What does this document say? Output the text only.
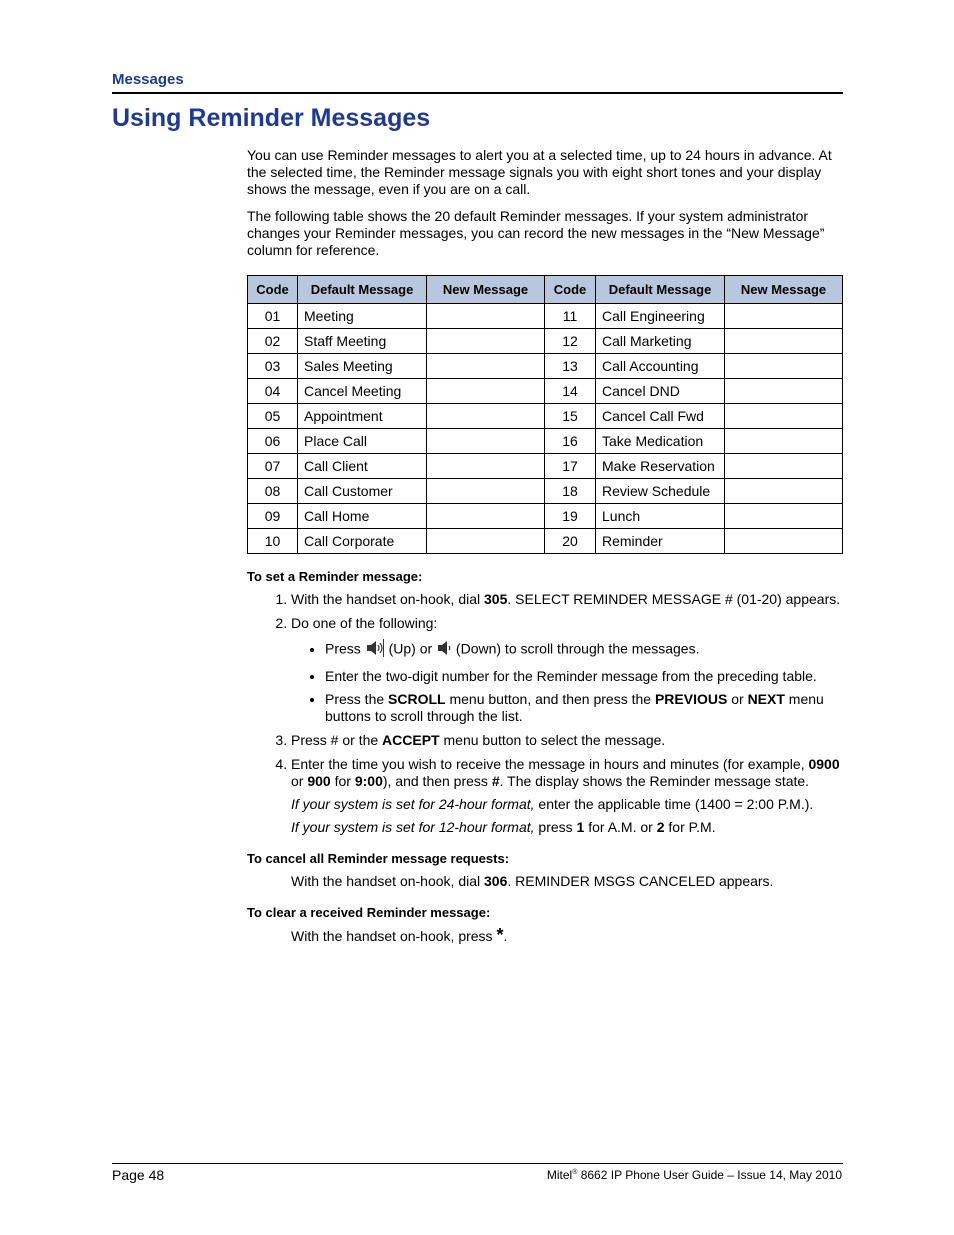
Messages
Using Reminder Messages

You can use Reminder messages to alert you at a selected time, up to 24 hours in advance. At the selected time, the Reminder message signals you with eight short tones and your display shows the message, even if you are on a call.

The following table shows the 20 default Reminder messages. If your system administrator changes your Reminder messages, you can record the new messages in the “New Message” column for reference.

Code	Default Message	New Message	Code	Default Message	New Message
01	Meeting		11	Call Engineering	
02	Staff Meeting		12	Call Marketing	
03	Sales Meeting		13	Call Accounting	
04	Cancel Meeting		14	Cancel DND	
05	Appointment		15	Cancel Call Fwd	
06	Place Call		16	Take Medication	
07	Call Client		17	Make Reservation	
08	Call Customer		18	Review Schedule	
09	Call Home		19	Lunch	
10	Call Corporate		20	Reminder	
To set a Reminder message:
1. With the handset on-hook, dial 305. SELECT REMINDER MESSAGE # (01-20) appears.
2. Do one of the following:
• Press  (Up) or  (Down) to scroll through the messages.
• Enter the two-digit number for the Reminder message from the preceding table.
• Press the SCROLL menu button, and then press the PREVIOUS or NEXT menu buttons to scroll through the list.
3. Press # or the ACCEPT menu button to select the message.
4. Enter the time you wish to receive the message in hours and minutes (for example, 0900 or 900 for 9:00), and then press #. The display shows the Reminder message state.
If your system is set for 24-hour format, enter the applicable time (1400 = 2:00 P.M.).
If your system is set for 12-hour format, press 1 for A.M. or 2 for P.M.
To cancel all Reminder message requests:
With the handset on-hook, dial 306. REMINDER MSGS CANCELED appears.
To clear a received Reminder message:
With the handset on-hook, press *.
Page 48	Mitel® 8662 IP Phone User Guide – Issue 14, May 2010
